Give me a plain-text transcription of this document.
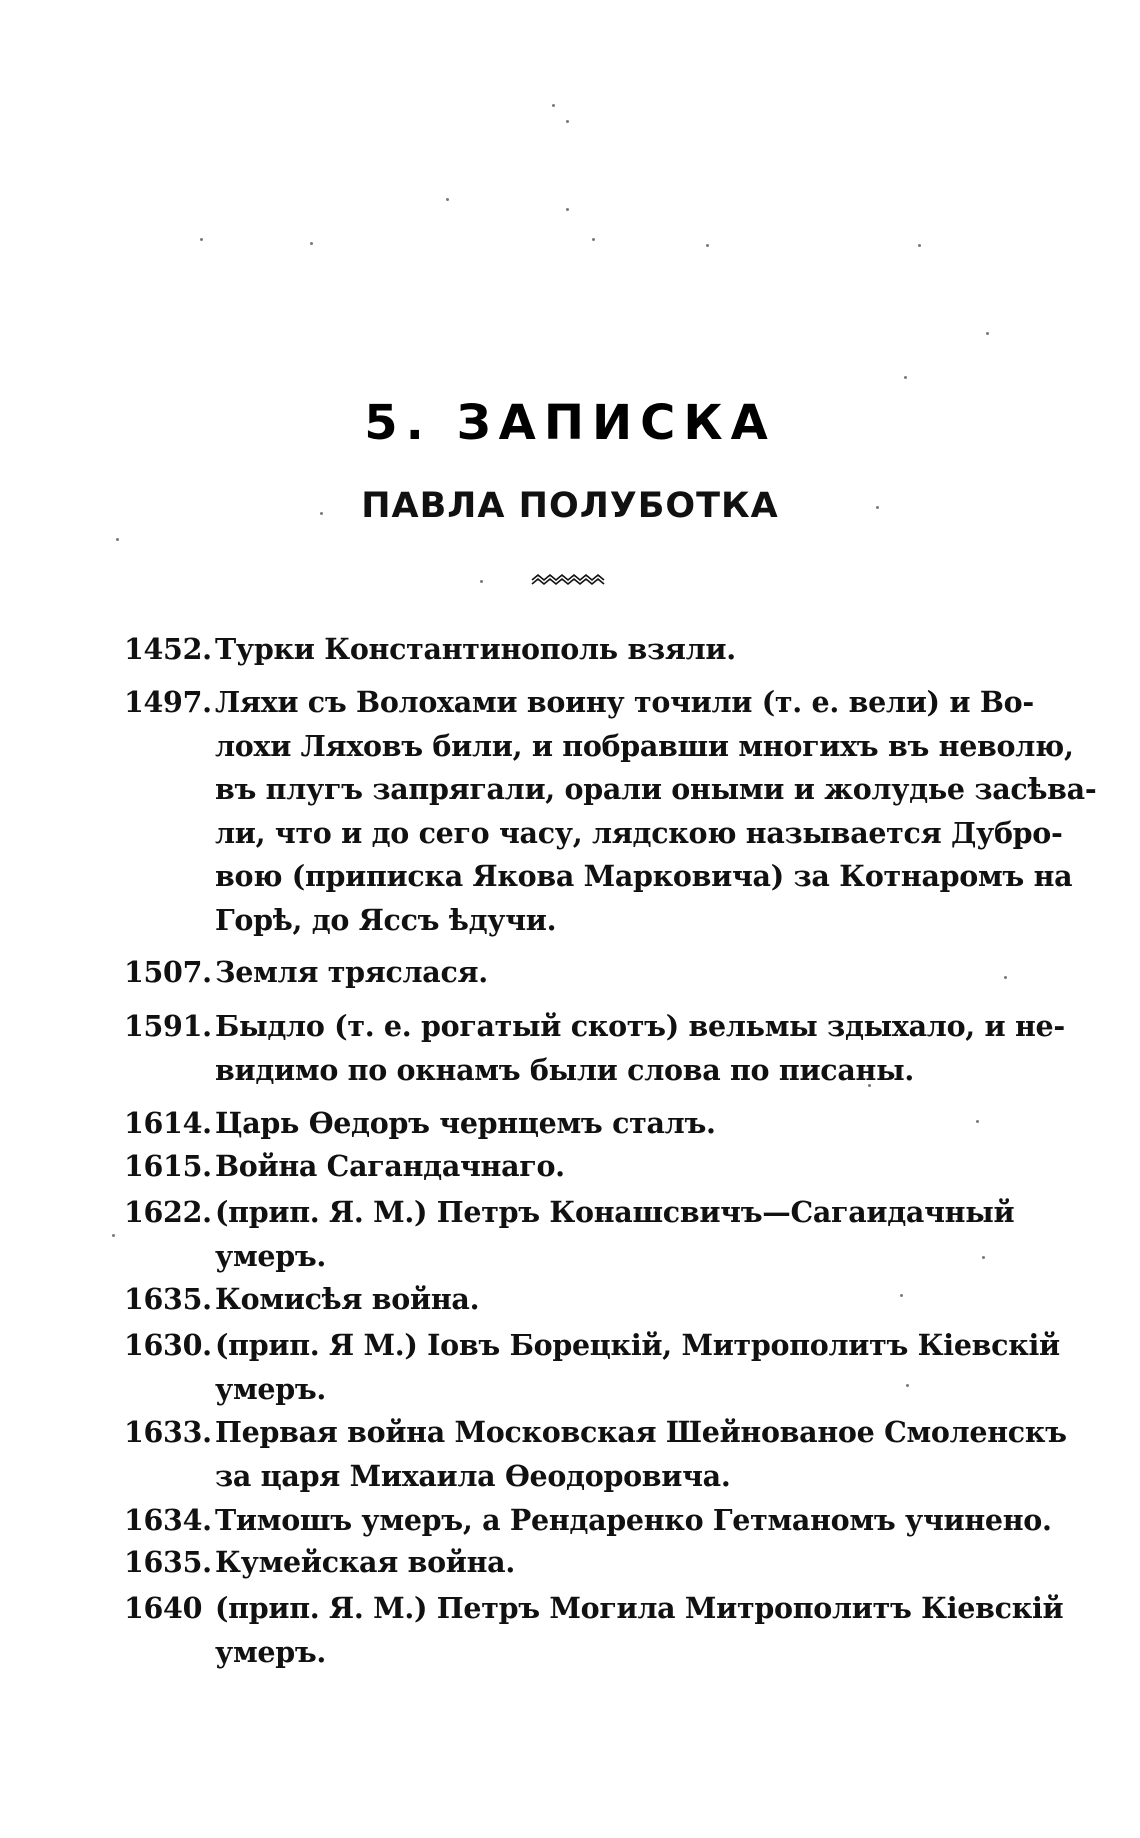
5. ЗАПИСКА
ПАВЛА ПОЛУБОТКА
1452. Турки Константинополь взяли.
1497. Ляхи съ Волохами воину точили (т. е. вели) и Во-
лохи Ляховъ били, и побравши многихъ въ неволю,
въ плугъ запрягали, орали оными и жолудье засѣва-
ли, что и до сего часу, лядскою называется Дубро-
вою (приписка Якова Марковича) за Котнаромъ на
Горѣ, до Яссъ ѣдучи.
1507. Земля тряслася.
1591. Быдло (т. е. рогатый скотъ) вельмы здыхало, и не-
видимо по окнамъ были слова по писаны.
1614. Царь Өедоръ чернцемъ сталъ.
1615. Война Сагандачнаго.
1622. (прип. Я. М.) Петръ Конашсвичъ—Сагаидачный
умеръ.
1635. Комисѣя война.
1630. (прип. Я М.) Іовъ Борецкій, Митрополитъ Кіевскій
умеръ.
1633. Первая война Московская Шейнованое Смоленскъ
за царя Михаила Өеодоровича.
1634. Тимошъ умеръ, а Рендаренко Гетманомъ учинено.
1635. Кумейская война.
1640 (прип. Я. М.) Петръ Могила Митрополитъ Кіевскій
умеръ.
